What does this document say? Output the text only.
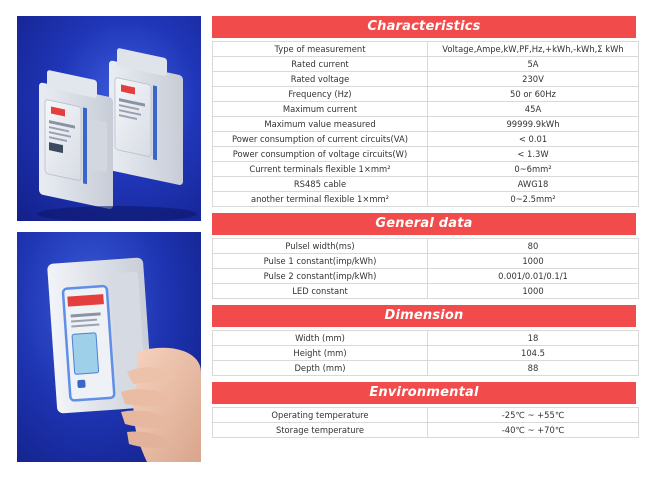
Characteristics
Type of measurement	Voltage,Ampe,kW,PF,Hz,+kWh,-kWh,Σ kWh
Rated current	5A
Rated voltage	230V
Frequency (Hz)	50 or 60Hz
Maximum current	45A
Maximum value measured	99999.9kWh
Power consumption of current circuits(VA)	< 0.01
Power consumption of voltage circuits(W)	< 1.3W
Current terminals flexible 1×mm²	0~6mm²
RS485 cable	AWG18
another terminal flexible 1×mm²	0~2.5mm²
General data
Pulsel width(ms)	80
Pulse 1 constant(imp/kWh)	1000
Pulse 2 constant(imp/kWh)	0.001/0.01/0.1/1
LED constant	1000
Dimension
Width (mm)	18
Height (mm)	104.5
Depth (mm)	88
Environmental
Operating temperature	-25℃ ~ +55℃
Storage temperature	-40℃ ~ +70℃
